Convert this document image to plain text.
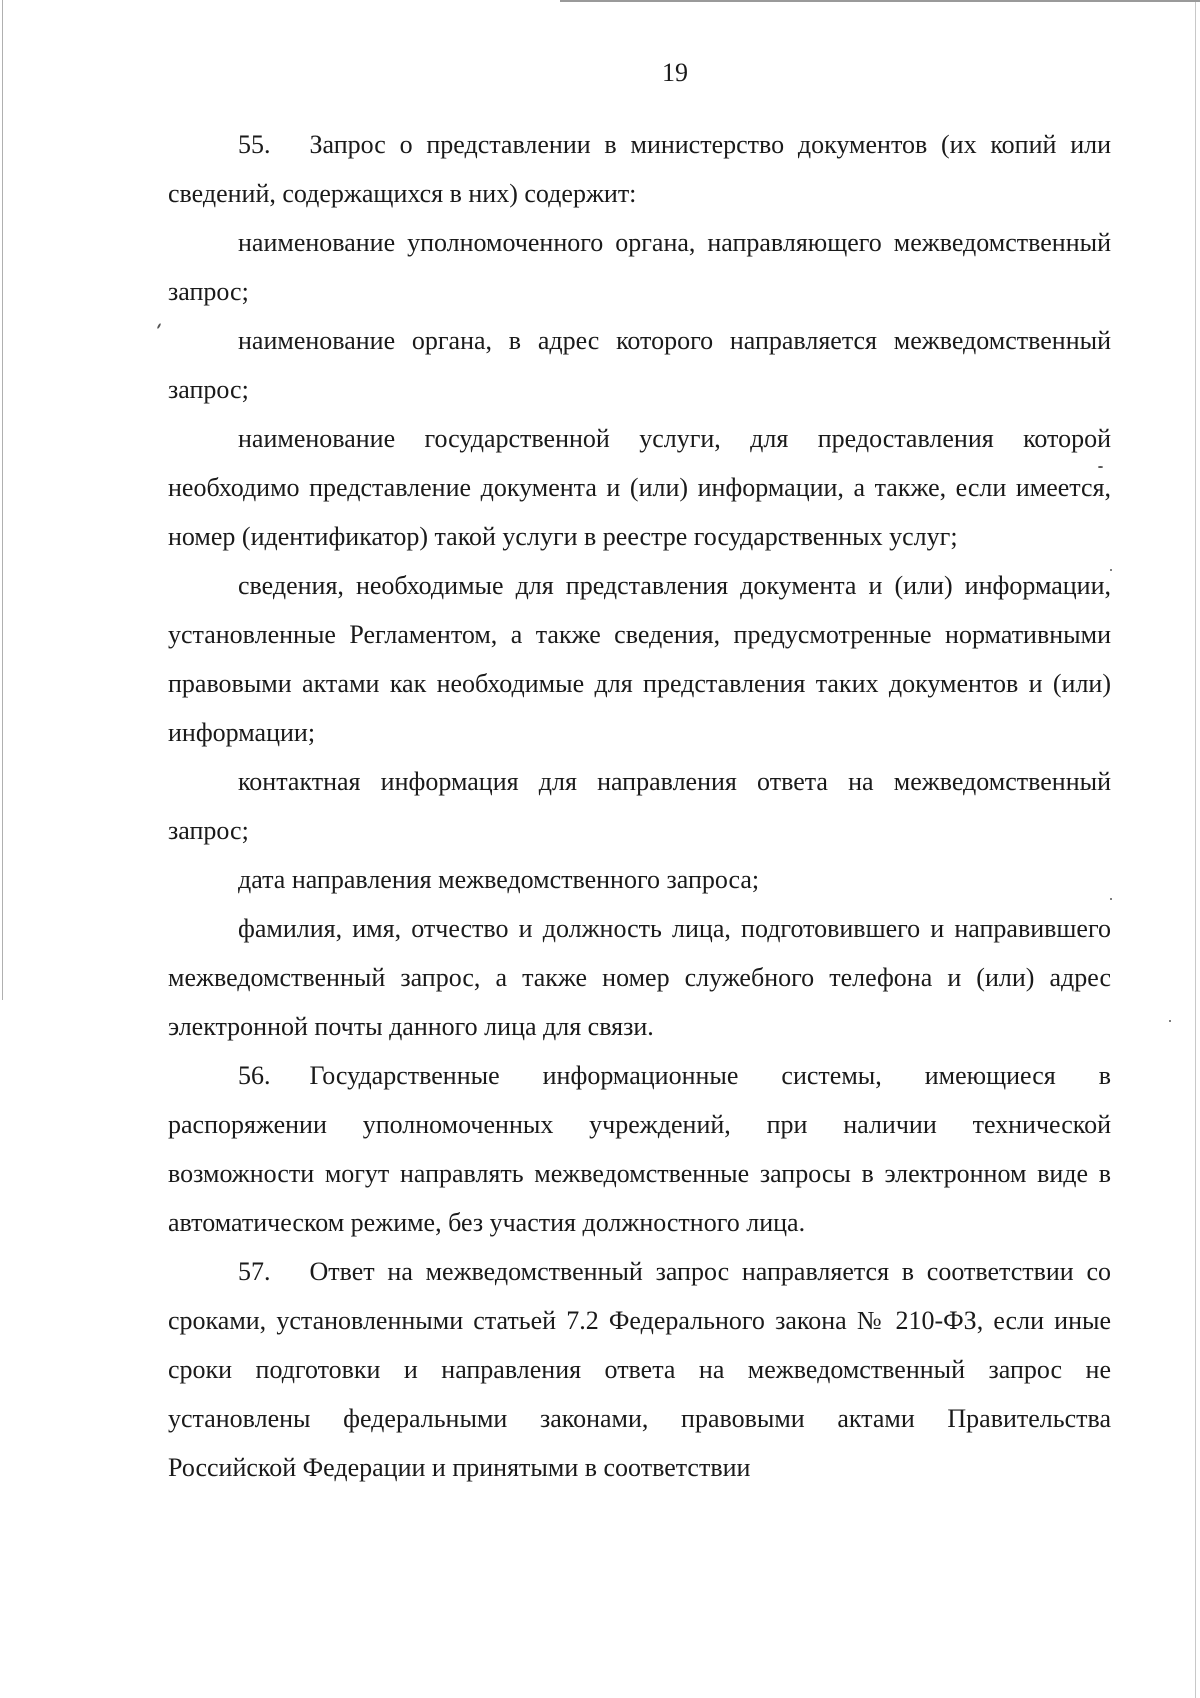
19

55.   Запрос о представлении в министерство документов (их копий или сведений, содержащихся в них) содержит:

наименование уполномоченного органа, направляющего межведомственный запрос;

наименование органа, в адрес которого направляется межведомственный запрос;

наименование государственной услуги, для предоставления которой необходимо представление документа и (или) информации, а также, если имеется, номер (идентификатор) такой услуги в реестре государственных услуг;

сведения, необходимые для представления документа и (или) информации, установленные Регламентом, а также сведения, предусмотренные нормативными правовыми актами как необходимые для представления таких документов и (или) информации;

контактная информация для направления ответа на межведомственный запрос;

дата направления межведомственного запроса;

фамилия, имя, отчество и должность лица, подготовившего и направившего межведомственный запрос, а также номер служебного телефона и (или) адрес электронной почты данного лица для связи.

56.   Государственные информационные системы, имеющиеся в распоряжении уполномоченных учреждений, при наличии технической возможности могут направлять межведомственные запросы в электронном виде в автоматическом режиме, без участия должностного лица.

57.   Ответ на межведомственный запрос направляется в соответствии со сроками, установленными статьей 7.2 Федерального закона № 210-ФЗ, если иные сроки подготовки и направления ответа на межведомственный запрос не установлены федеральными законами, правовыми актами Правительства Российской Федерации и принятыми в соответствии
